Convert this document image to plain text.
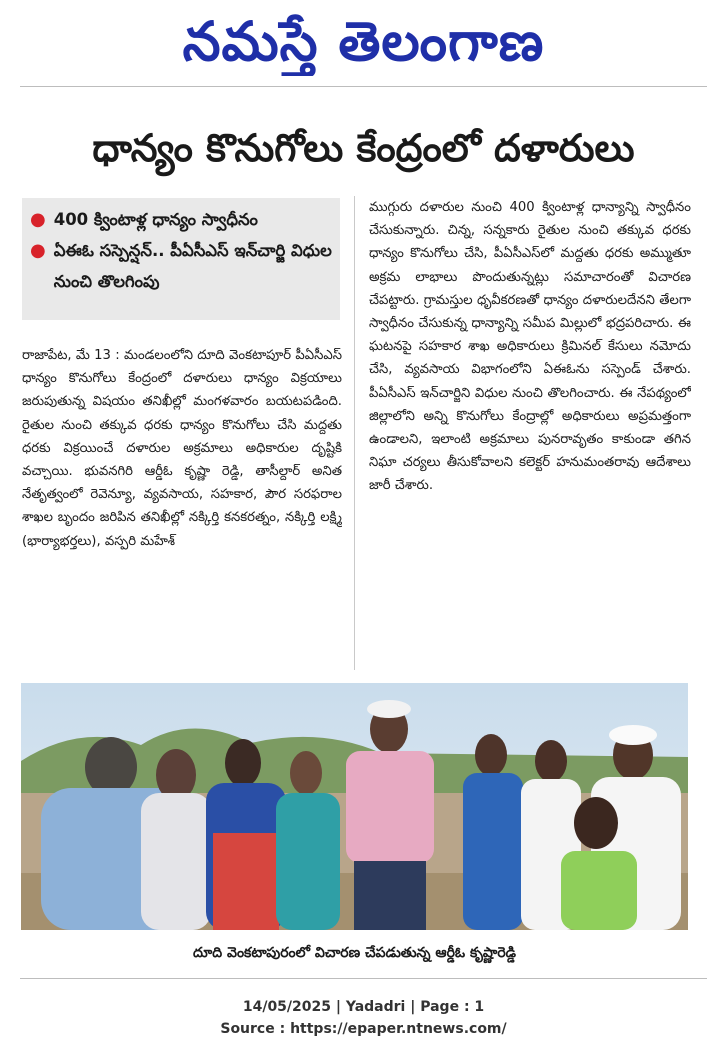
నమస్తే తెలంగాణ
ధాన్యం కొనుగోలు కేంద్రంలో దళారులు
● 400 క్వింటాళ్ల ధాన్యం స్వాధీనం
● ఏఈఓ సస్పెన్షన్.. పీఏసీఎస్ ఇన్‌చార్జి విధుల నుంచి తొలగింపు
రాజాపేట, మే 13 : మండలంలోని దూది వెంకటాపూర్ పీఏసీఎస్ ధాన్యం కొనుగోలు కేంద్రంలో దళారులు ధాన్యం విక్రయాలు జరుపుతున్న విషయం తనిఖీల్లో మంగళవారం బయటపడింది. రైతుల నుంచి తక్కువ ధరకు ధాన్యం కొనుగోలు చేసి మద్దతు ధరకు విక్రయించే దళారుల అక్రమాలు అధికారుల దృష్టికి వచ్చాయి. భువనగిరి ఆర్డీఓ కృష్ణా రెడ్డి, తాసీల్దార్ అనిత నేతృత్వంలో రెవెన్యూ, వ్యవసాయ, సహకార, పౌర సరఫరాల శాఖల బృందం జరిపిన తనిఖీల్లో నక్కిర్తి కనకరత్నం, నక్కిర్తి లక్ష్మి (భార్యాభర్తలు), వస్పరి మహేశ్
ముగ్గురు దళారుల నుంచి 400 క్వింటాళ్ల ధాన్యాన్ని స్వాధీనం చేసుకున్నారు. చిన్న, సన్నకారు రైతుల నుంచి తక్కువ ధరకు ధాన్యం కొనుగోలు చేసి, పీఏసీఎస్‌లో మద్దతు ధరకు అమ్ముతూ అక్రమ లాభాలు పొందుతున్నట్లు సమాచారంతో విచారణ చేపట్టారు. గ్రామస్తుల ధృవీకరణతో ధాన్యం దళారులదేనని తేలగా స్వాధీనం చేసుకున్న ధాన్యాన్ని సమీప మిల్లులో భద్రపరిచారు. ఈ ఘటనపై సహకార శాఖ అధికారులు క్రిమినల్ కేసులు నమోదు చేసి, వ్యవసాయ విభాగంలోని ఏఈఓను సస్పెండ్ చేశారు. పీఏసీఎస్ ఇన్‌చార్జిని విధుల నుంచి తొలగించారు. ఈ నేపథ్యంలో జిల్లాలోని అన్ని కొనుగోలు కేంద్రాల్లో అధికారులు అప్రమత్తంగా ఉండాలని, ఇలాంటి అక్రమాలు పునరావృతం కాకుండా తగిన నిఘా చర్యలు తీసుకోవాలని కలెక్టర్ హనుమంతరావు ఆదేశాలు జారీ చేశారు.
దూది వెంకటాపురంలో విచారణ చేపడుతున్న ఆర్డీఓ కృష్ణారెడ్డి
14/05/2025 | Yadadri | Page : 1
Source : https://epaper.ntnews.com/
